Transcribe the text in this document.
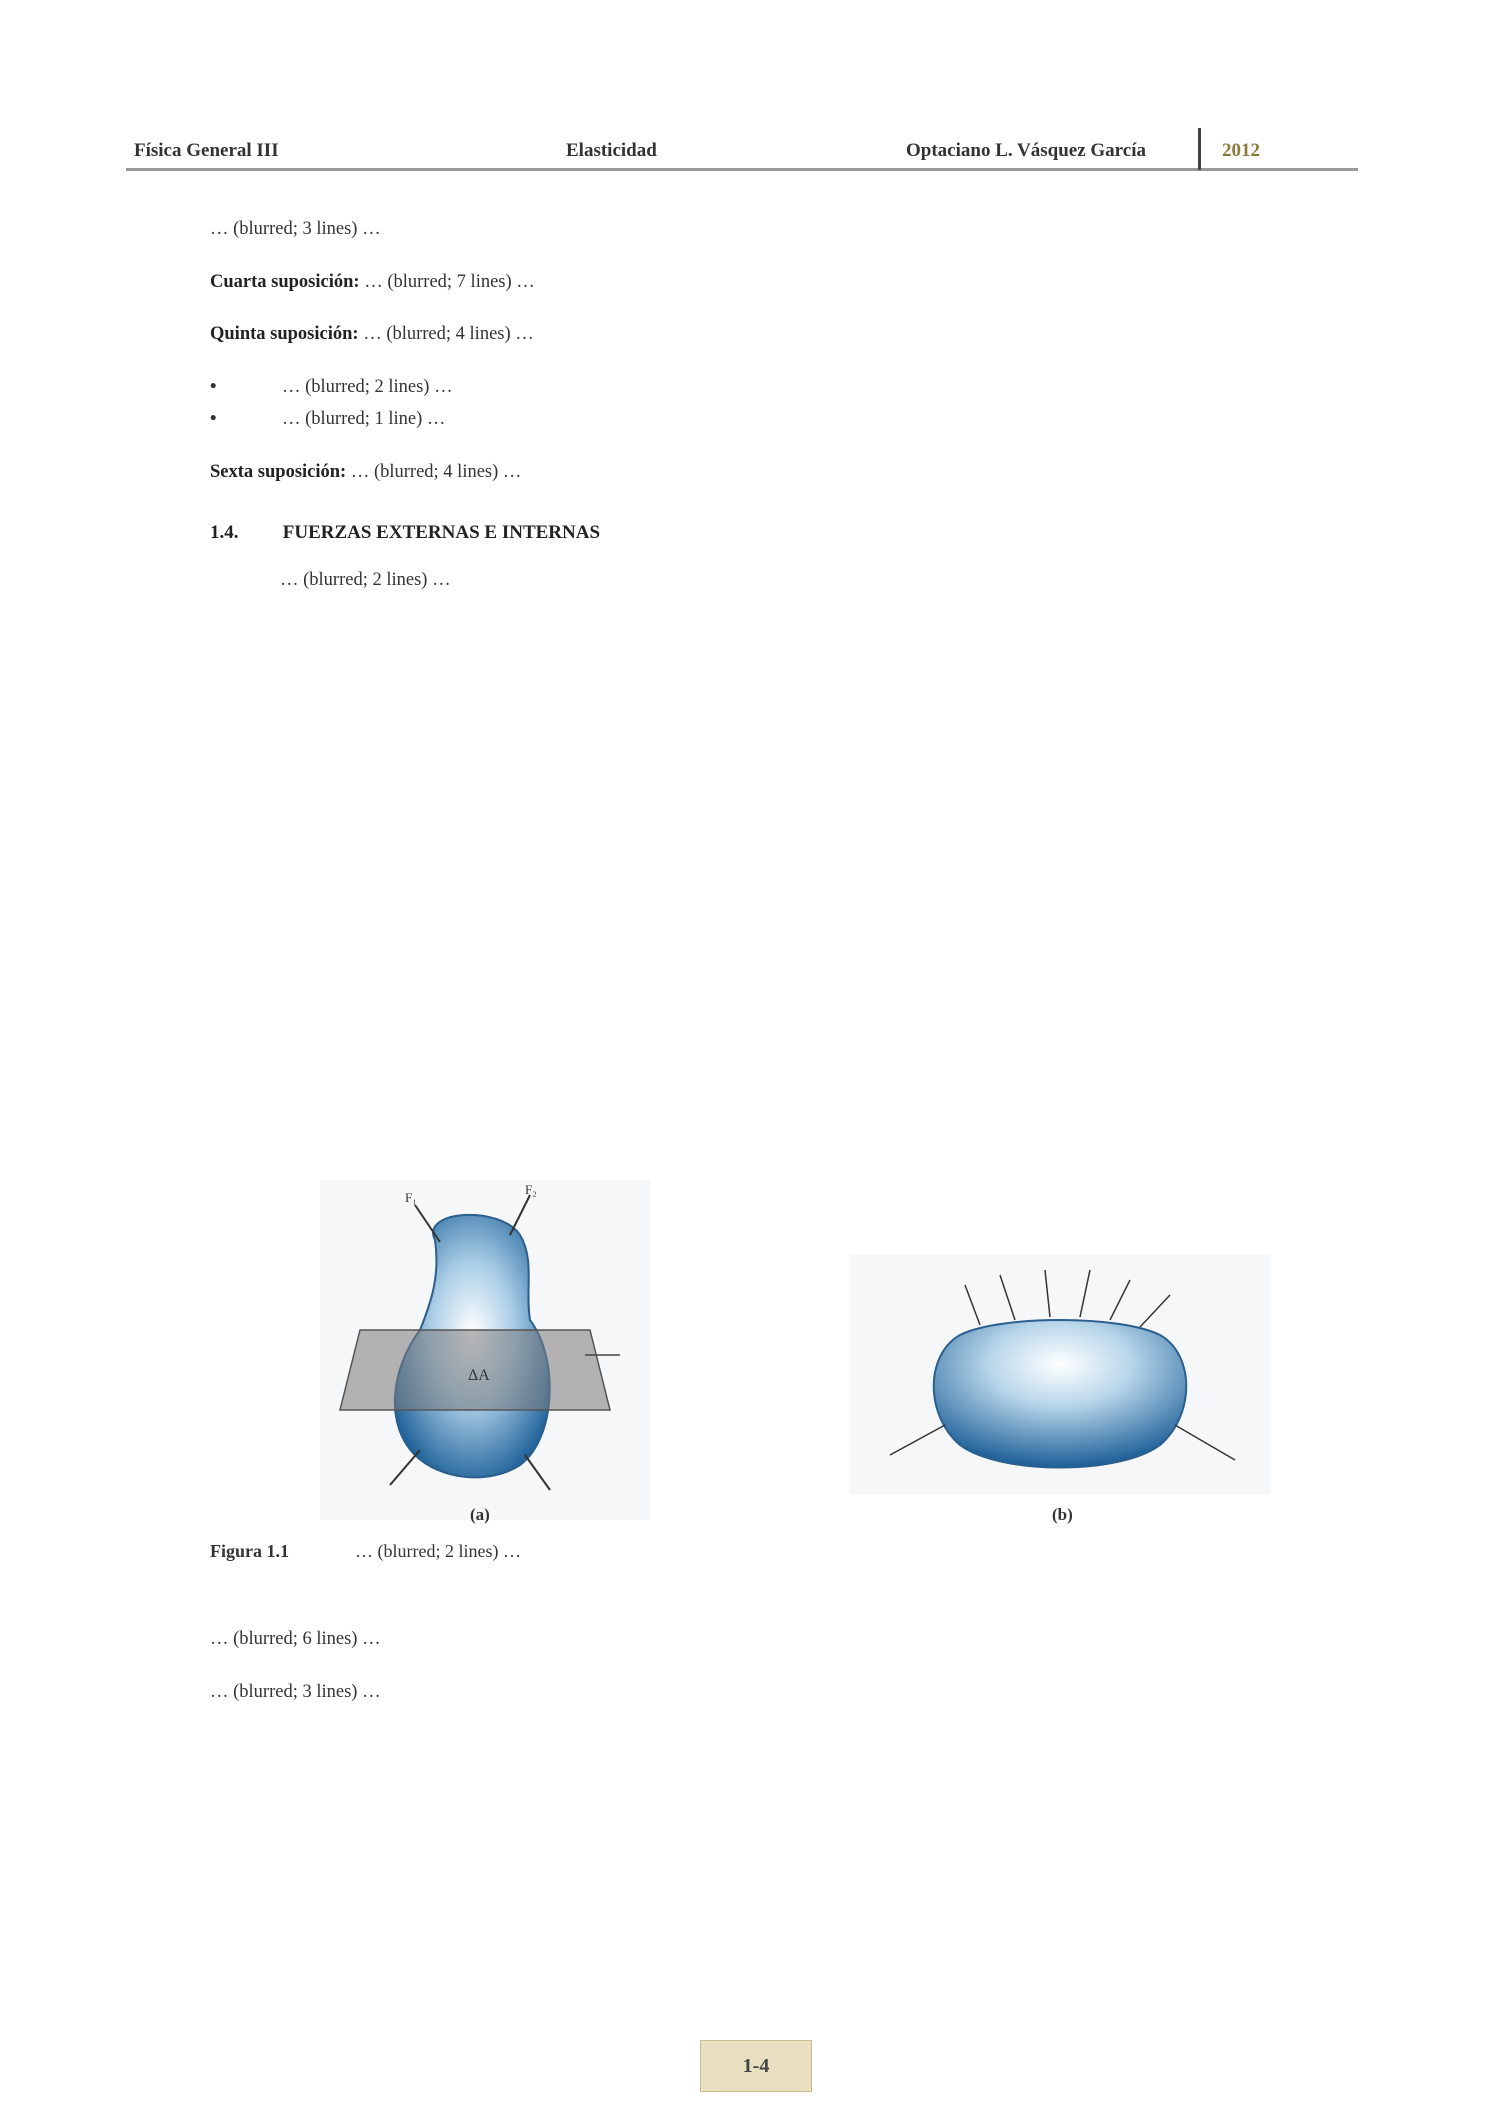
Física General III	Elasticidad	Optaciano L. Vásquez García	2012

… (blurred; 3 lines) …

Cuarta suposición: … (blurred; 7 lines) …

Quinta suposición: … (blurred; 4 lines) …

•	… (blurred; 2 lines) …
•	… (blurred; 1 line) …

Sexta suposición: … (blurred; 4 lines) …

1.4. FUERZAS EXTERNAS E INTERNAS

… (blurred; 2 lines) …

ΔA
F₁
F₂
(a)	(b)
Figura 1.1	… (blurred; 2 lines) …

… (blurred; 6 lines) …

… (blurred; 3 lines) …

1-4
